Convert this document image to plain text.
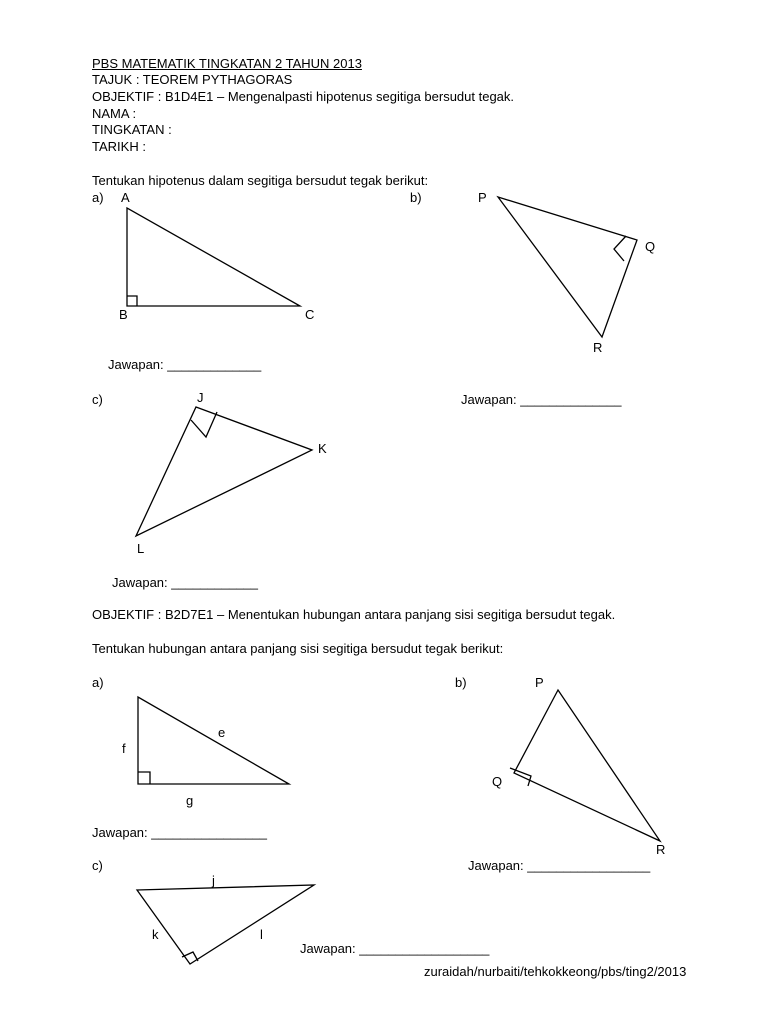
PBS MATEMATIK TINGKATAN 2 TAHUN 2013
TAJUK : TEOREM PYTHAGORAS
OBJEKTIF : B1D4E1 – Mengenalpasti hipotenus segitiga bersudut tegak.
NAMA :
TINGKATAN :
TARIKH :
Tentukan hipotenus dalam segitiga bersudut tegak berikut:
a)	b)
c)
A
B	C
P
Q
R
J
K
L
Jawapan: _____________
Jawapan: ______________
Jawapan: ____________
OBJEKTIF : B2D7E1 – Menentukan hubungan antara panjang sisi segitiga bersudut tegak.
Tentukan hubungan antara panjang sisi segitiga bersudut tegak berikut:
a)	b)
c)
f
e
g
P
Q
R
j
k	l
Jawapan: ________________
Jawapan: _________________
Jawapan: __________________
zuraidah/nurbaiti/tehkokkeong/pbs/ting2/2013
